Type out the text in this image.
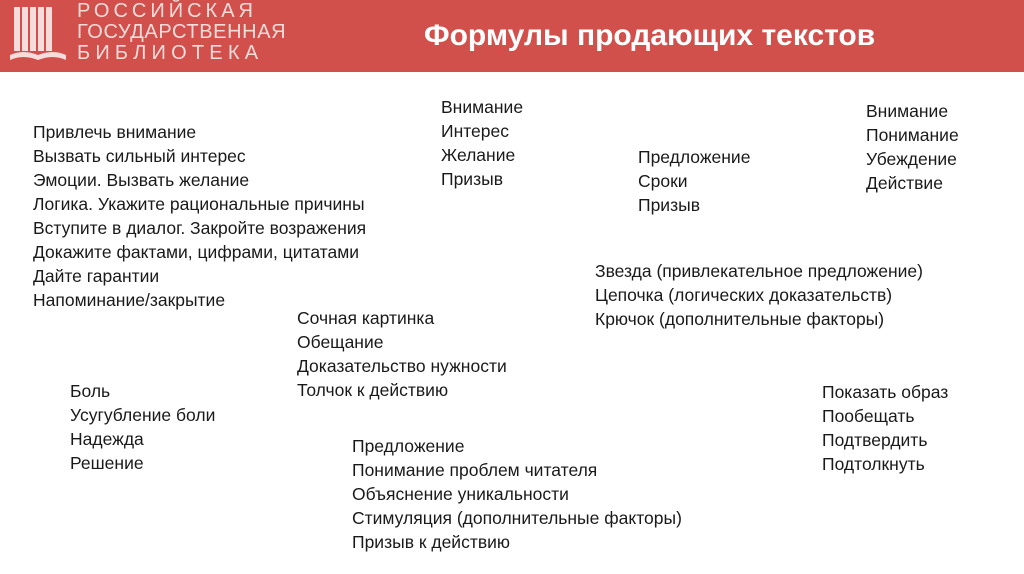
РОССИЙСКАЯ
ГОСУДАРСТВЕННАЯ
БИБЛИОТЕКА
Формулы продающих текстов
Привлечь внимание
Вызвать сильный интерес
Эмоции. Вызвать желание
Логика. Укажите рациональные причины
Вступите в диалог. Закройте возражения
Докажите фактами, цифрами, цитатами
Дайте гарантии
Напоминание/закрытие
Внимание
Интерес
Желание
Призыв
Предложение
Сроки
Призыв
Внимание
Понимание
Убеждение
Действие
Звезда (привлекательное предложение)
Цепочка (логических доказательств)
Крючок (дополнительные факторы)
Сочная картинка
Обещание
Доказательство нужности
Толчок к действию
Боль
Усугубление боли
Надежда
Решение
Предложение
Понимание проблем читателя
Объяснение уникальности
Стимуляция (дополнительные факторы)
Призыв к действию
Показать образ
Пообещать
Подтвердить
Подтолкнуть
